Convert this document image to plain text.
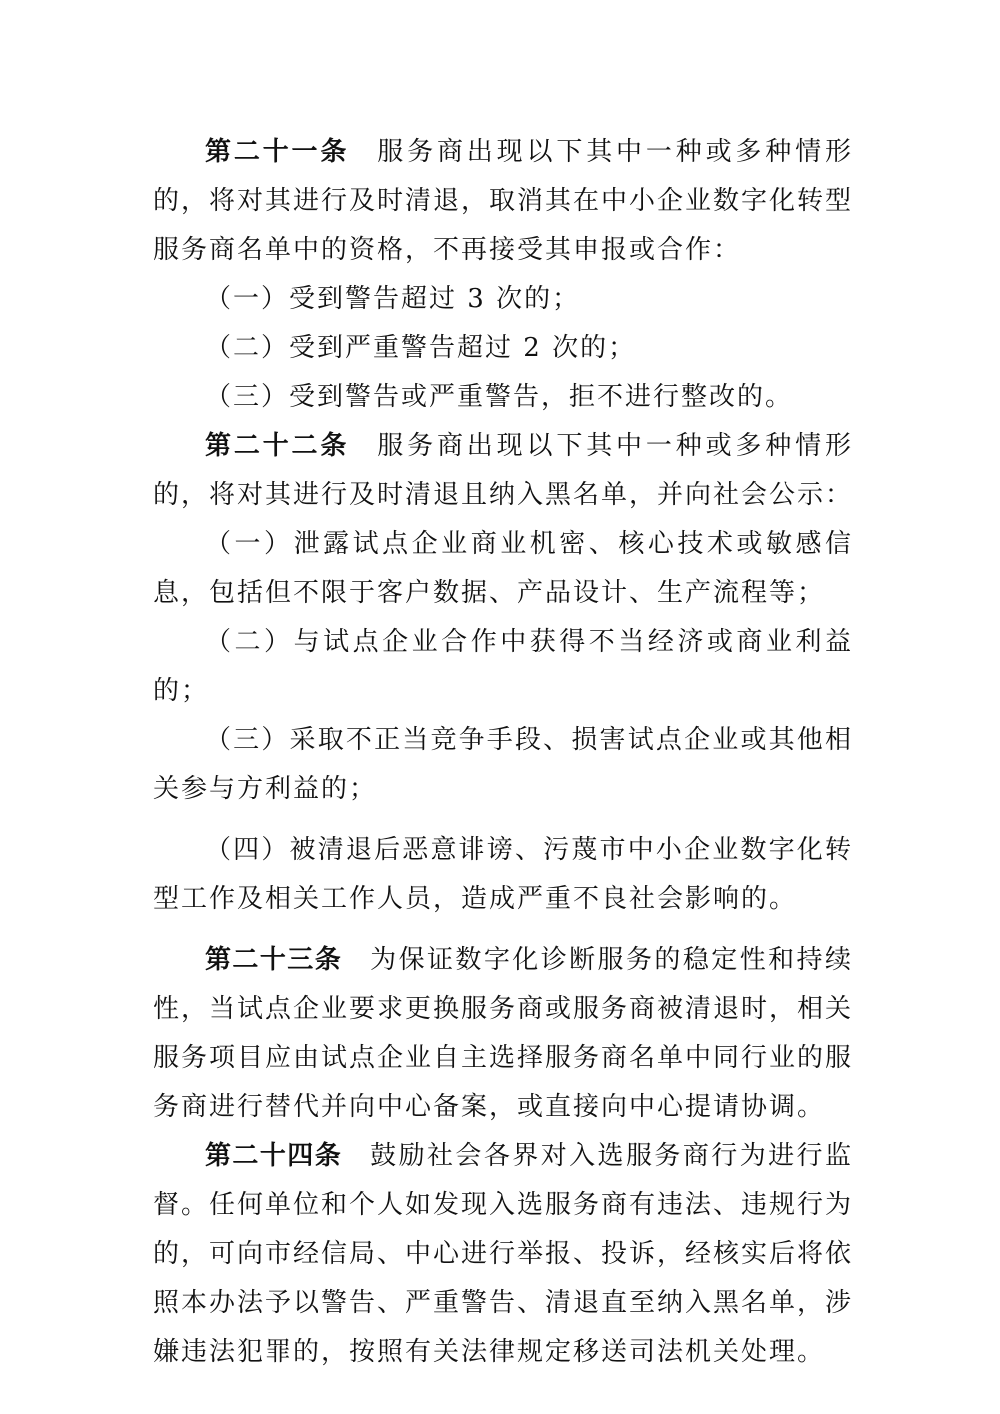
第二十一条 服务商出现以下其中一种或多种情形的，将对其进行及时清退，取消其在中小企业数字化转型服务商名单中的资格，不再接受其申报或合作：

（一）受到警告超过 3 次的；

（二）受到严重警告超过 2 次的；

（三）受到警告或严重警告，拒不进行整改的。

第二十二条 服务商出现以下其中一种或多种情形的，将对其进行及时清退且纳入黑名单，并向社会公示：

（一）泄露试点企业商业机密、核心技术或敏感信息，包括但不限于客户数据、产品设计、生产流程等；

（二）与试点企业合作中获得不当经济或商业利益的；

（三）采取不正当竞争手段、损害试点企业或其他相关参与方利益的；

（四）被清退后恶意诽谤、污蔑市中小企业数字化转型工作及相关工作人员，造成严重不良社会影响的。

第二十三条 为保证数字化诊断服务的稳定性和持续性，当试点企业要求更换服务商或服务商被清退时，相关服务项目应由试点企业自主选择服务商名单中同行业的服务商进行替代并向中心备案，或直接向中心提请协调。

第二十四条 鼓励社会各界对入选服务商行为进行监督。任何单位和个人如发现入选服务商有违法、违规行为的，可向市经信局、中心进行举报、投诉，经核实后将依照本办法予以警告、严重警告、清退直至纳入黑名单，涉嫌违法犯罪的，按照有关法律规定移送司法机关处理。
